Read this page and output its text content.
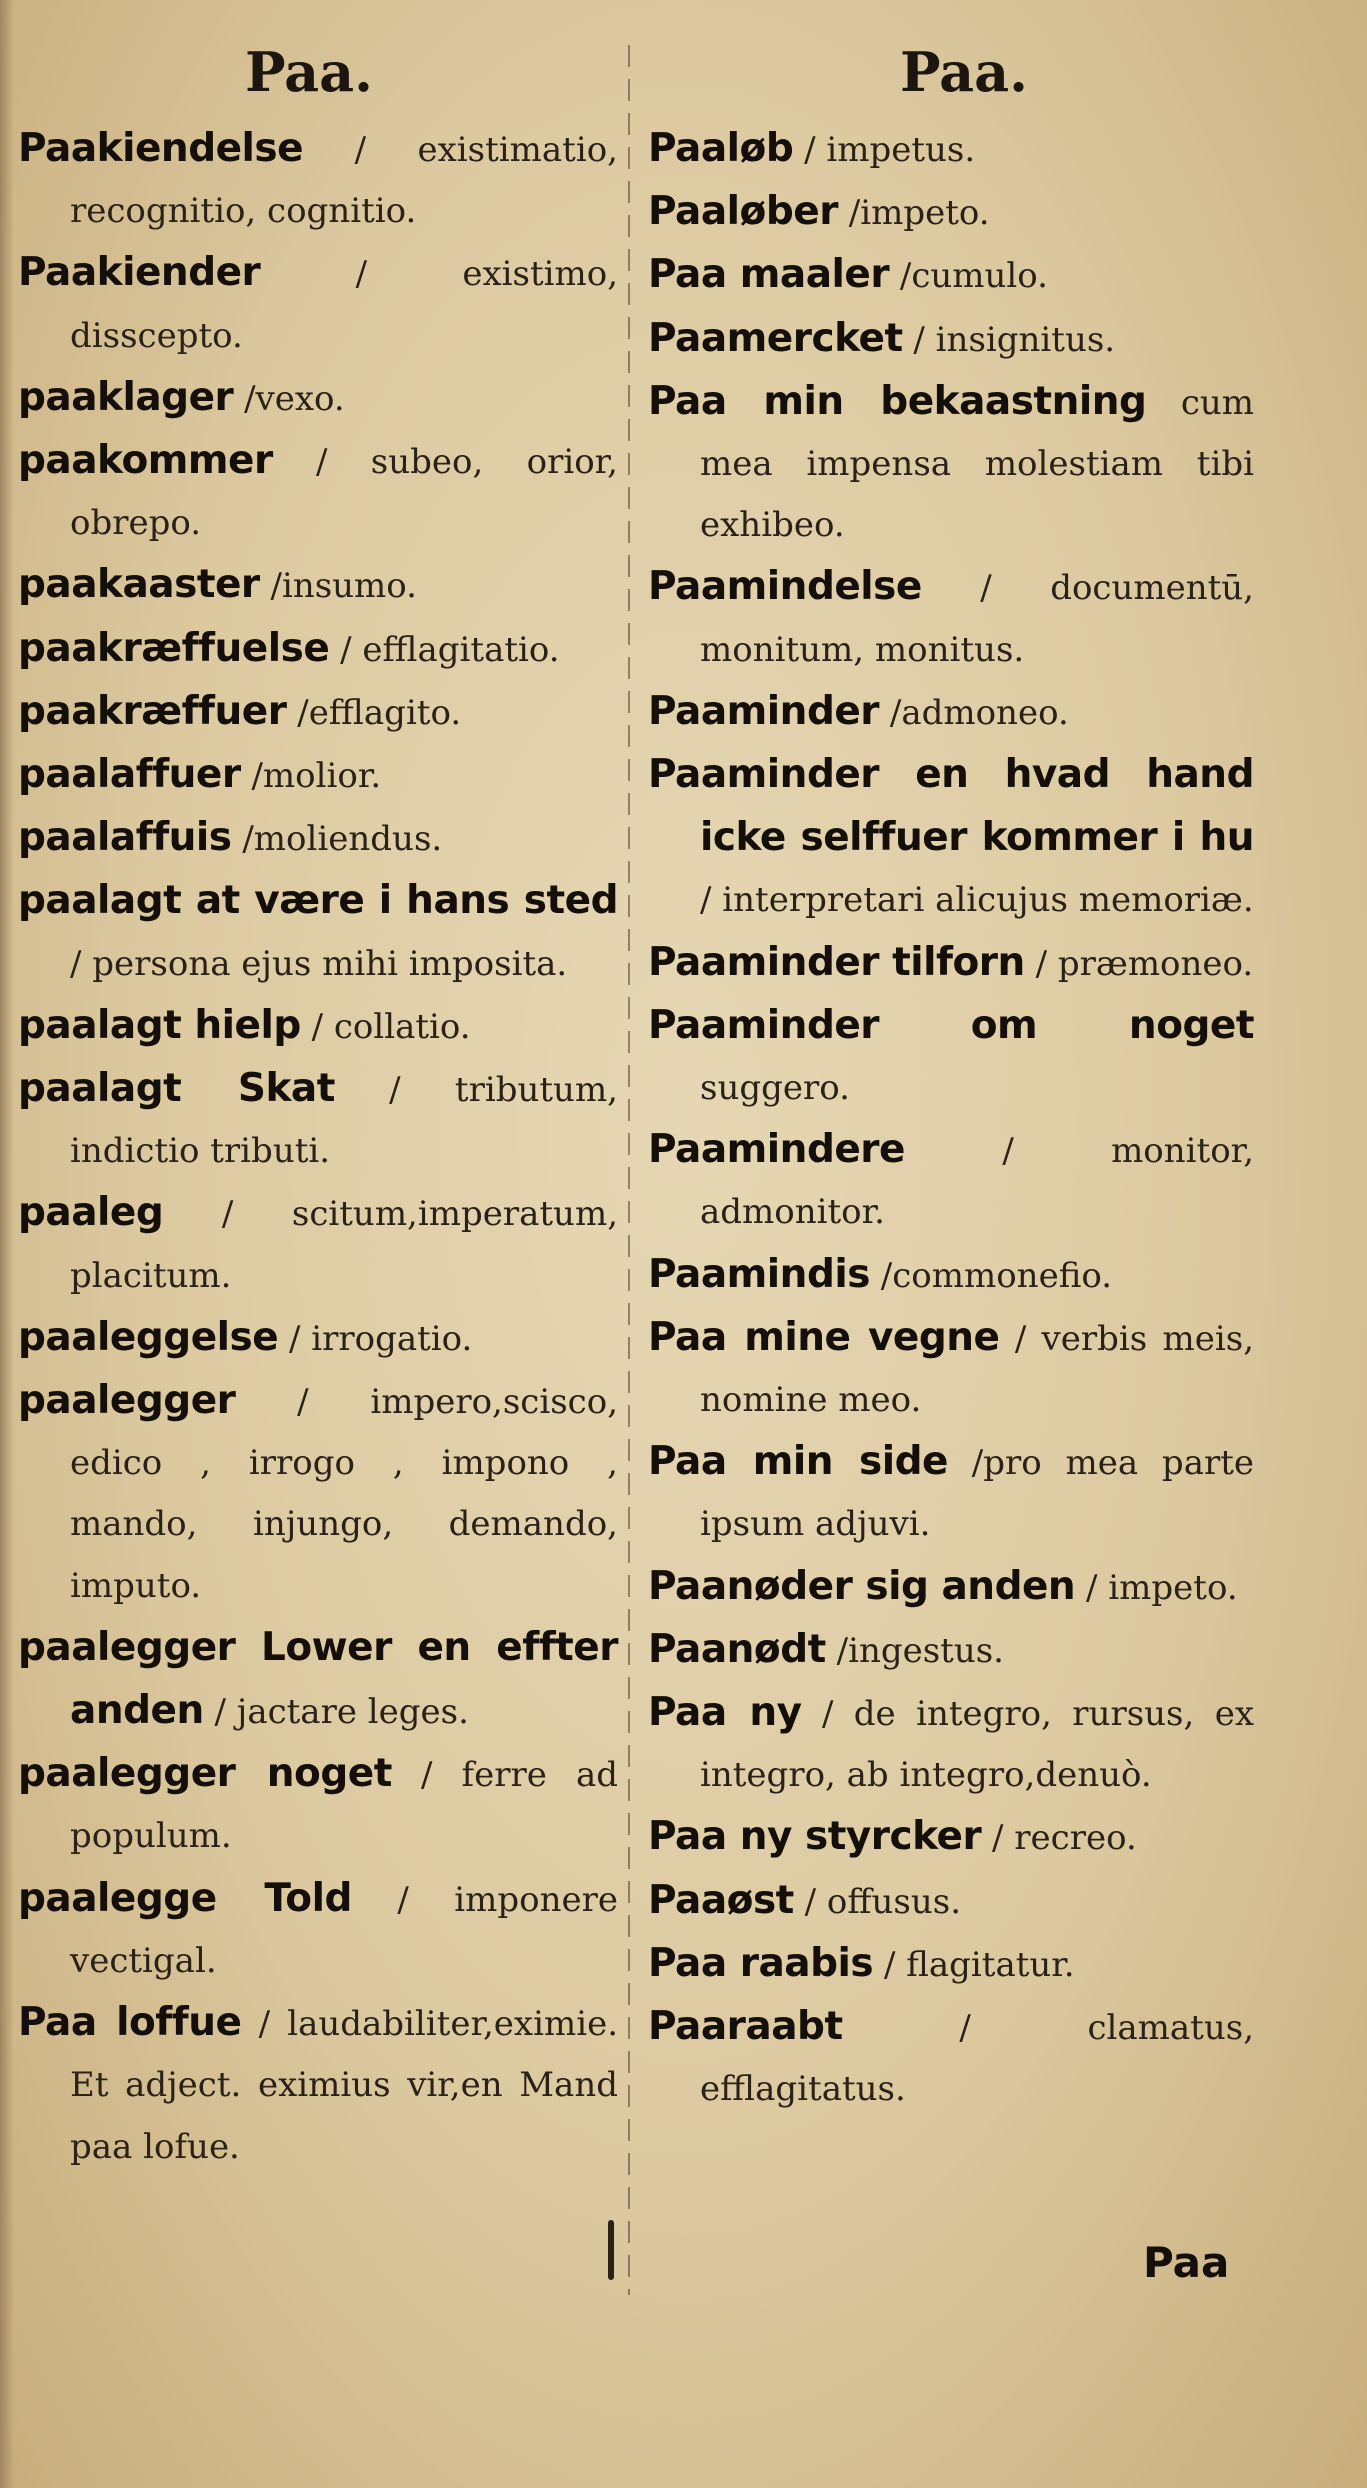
Paa.	Paa.
Paakiendelse / existimatio, recognitio, cognitio.
Paakiender	/ existimo, disscepto.
paaklager /vexo.
paakommer / subeo, orior, obrepo.
paakaaster /insumo.
paakræffuelse / efflagitatio.
paakræffuer /efflagito.
paalaffuer /molior.
paalaffuis /moliendus.
paalagt at være i hans sted / persona ejus mihi imposita.
paalagt hielp / collatio.
paalagt Skat / tributum, indictio tributi.
paaleg / scitum,imperatum, placitum.
paaleggelse / irrogatio.
paalegger / impero,scisco, edico , irrogo , impono , mando, injungo, demando, imputo.
paalegger Lower en effter anden / jactare leges.
paalegger noget / ferre ad populum.
paalegge Told / imponere vectigal.
Paa loffue / laudabiliter,eximie. Et adject. eximius vir,en Mand paa lofue.
Paaløb / impetus.
Paaløber /impeto.
Paa maaler /cumulo.
Paamercket / insignitus.
Paa min bekaastning cum mea impensa molestiam tibi exhibeo.
Paamindelse / documentū, monitum, monitus.
Paaminder /admoneo.
Paaminder en hvad hand icke selffuer kommer i hu / interpretari alicujus memoriæ.
Paaminder tilforn / præmoneo.
Paaminder om noget suggero.
Paamindere	/ monitor, admonitor.
Paamindis /commonefio.
Paa mine vegne / verbis meis, nomine meo.
Paa min side /pro mea parte ipsum adjuvi.
Paanøder sig anden / impeto.
Paanødt /ingestus.
Paa ny / de integro, rursus, ex integro, ab integro,denuò.
Paa ny styrcker / recreo.
Paaøst / offusus.
Paa raabis / flagitatur.
Paaraabt	/ clamatus, efflagitatus.
Paa
